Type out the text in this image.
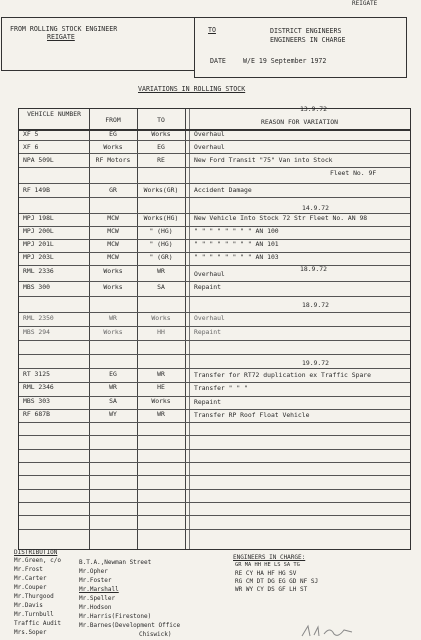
REIGATE
FROM ROLLING STOCK ENGINEER
REIGATE
TO	DISTRICT ENGINEERS
ENGINEERS IN CHARGE
DATE	W/E 19 September 1972
VARIATIONS IN ROLLING STOCK
VEHICLE NUMBER
FROM	TO	REASON FOR VARIATION
13.9.72
XF 5	EG	Works	Overhaul
XF 6	Works	EG	Overhaul
NPA 509L	RF Motors	RE	New Ford Transit "75" Van into Stock
Fleet No. 9F
RF 149B	GR	Works(GR)	Accident Damage
14.9.72
MPJ 198L	MCW	Works(HG)	New Vehicle Into Stock 72 Str Fleet No. AN 98
MPJ 200L	MCW	" (HG)	" " " " " " " " AN 100
MPJ 201L	MCW	" (HG)	" " " " " " " " AN 101
MPJ 203L	MCW	" (GR)	" " " " " " " " AN 103
RML 2336	Works	WR	Overhaul
18.9.72
MBS 300	Works	SA	Repaint
18.9.72
RML 2350	WR	Works	Overhaul
MBS 294	Works	HH	Repaint
19.9.72
RT 3125	EG	WR	Transfer for RT72 duplication ex Traffic Spare
RML 2346	WR	HE	Transfer " " "
MBS 303	SA	Works	Repaint
RF 687B	WY	WR	Transfer RP Roof Float Vehicle
DISTRIBUTION
Mr.Green, c/o
Mr.Frost
Mr.Carter
Mr.Couper
Mr.Thurgood
Mr.Davis
Mr.Turnbull
Traffic Audit
Mrs.Soper
B.T.A.,Newman Street
Mr.Opher
Mr.Foster
Mr.Marshall
Mr.Speller
Mr.Hodson
Mr.Harris(Firestone)
Mr.Barnes(Development Office
Chiswick)
ENGINEERS IN CHARGE:
GR MA HH HE LS SA TG
RE CY HA HF HG SV
RG CM DT DG EG GD NF SJ
WR WY CY DS GF LH ST
